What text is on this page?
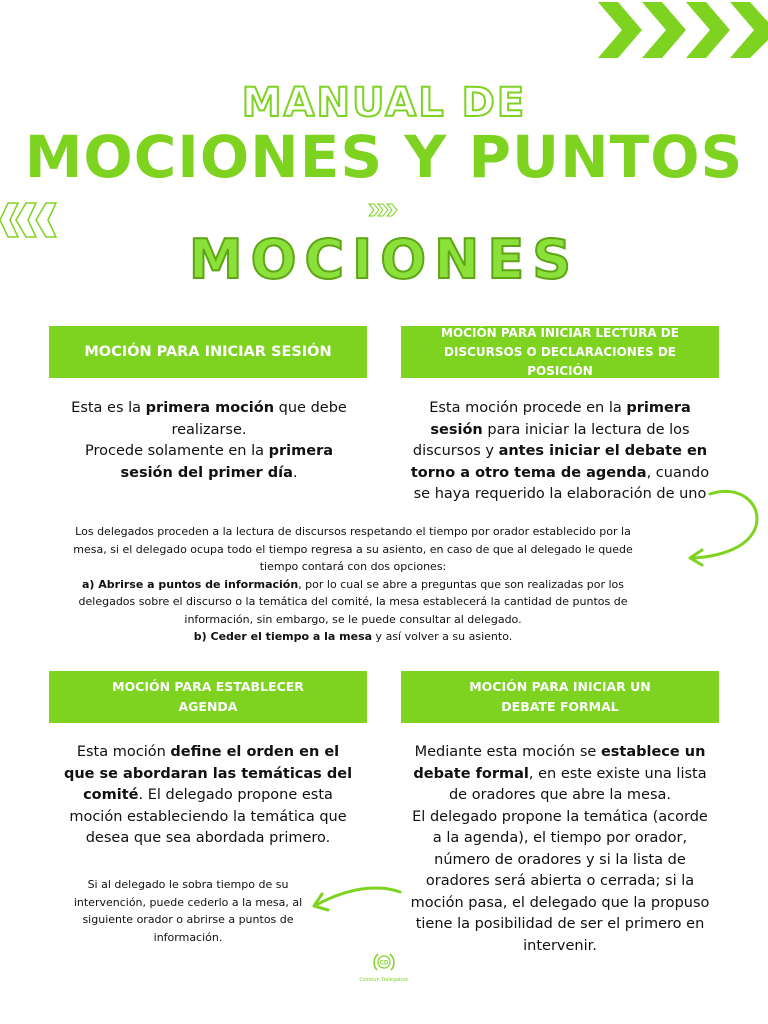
MANUAL DE
MOCIONES Y PUNTOS
MOCIONES
MOCIÓN PARA INICIAR SESIÓN
Esta es la primera moción que debe realizarse.
Procede solamente en la primera sesión del primer día.
MOCIÓN PARA INICIAR LECTURA DE DISCURSOS O DECLARACIONES DE POSICIÓN
Esta moción procede en la primera sesión para iniciar la lectura de los discursos y antes iniciar el debate en torno a otro tema de agenda, cuando se haya requerido la elaboración de uno
Los delegados proceden a la lectura de discursos respetando el tiempo por orador establecido por la mesa, si el delegado ocupa todo el tiempo regresa a su asiento, en caso de que al delegado le quede tiempo contará con dos opciones:
a) Abrirse a puntos de información, por lo cual se abre a preguntas que son realizadas por los delegados sobre el discurso o la temática del comité, la mesa establecerá la cantidad de puntos de información, sin embargo, se le puede consultar al delegado.
b) Ceder el tiempo a la mesa y así volver a su asiento.
MOCIÓN PARA ESTABLECER AGENDA
Esta moción define el orden en el que se abordaran las temáticas del comité. El delegado propone esta moción estableciendo la temática que desea que sea abordada primero.
MOCIÓN PARA INICIAR UN DEBATE FORMAL
Mediante esta moción se establece un debate formal, en este existe una lista de oradores que abre la mesa.
El delegado propone la temática (acorde a la agenda), el tiempo por orador, número de oradores y si la lista de oradores será abierta o cerrada; si la moción pasa, el delegado que la propuso tiene la posibilidad de ser el primero en intervenir.
Si al delegado le sobra tiempo de su intervención, puede cederlo a la mesa, al siguiente orador o abrirse a puntos de información.
CD
Cosmun Delegation
